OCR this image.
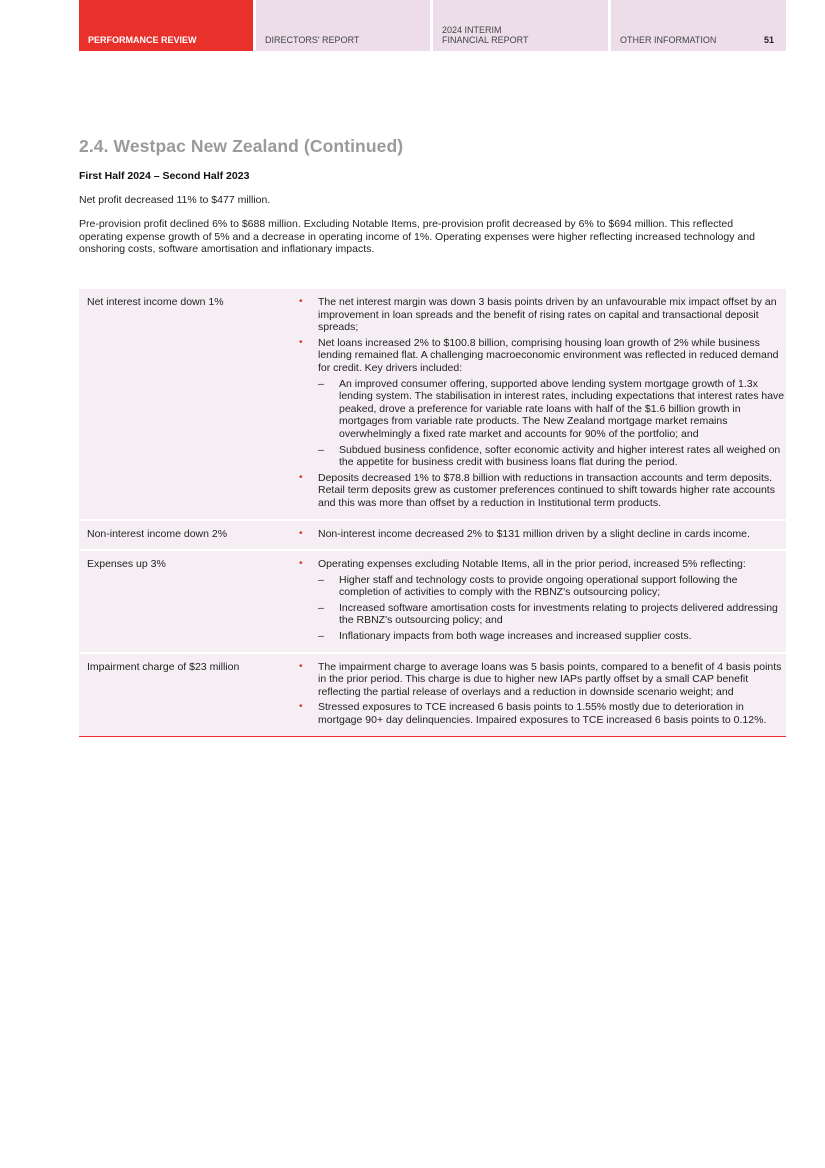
PERFORMANCE REVIEW	DIRECTORS' REPORT
2024 INTERIM
FINANCIAL REPORT	OTHER INFORMATION	51
2.4. Westpac New Zealand (Continued)

First Half 2024 – Second Half 2023

Net profit decreased 11% to $477 million.

Pre-provision profit declined 6% to $688 million. Excluding Notable Items, pre-provision profit decreased by 6% to $694 million. This reflected operating expense growth of 5% and a decrease in operating income of 1%. Operating expenses were higher reflecting increased technology and onshoring costs, software amortisation and inflationary impacts.

Net interest income down 1%	• The net interest margin was down 3 basis points driven by an unfavourable mix impact offset by an improvement in loan spreads and the benefit of rising rates on capital and transactional deposit spreads;
• Net loans increased 2% to $100.8 billion, comprising housing loan growth of 2% while business lending remained flat. A challenging macroeconomic environment was reflected in reduced demand for credit. Key drivers included:
– An improved consumer offering, supported above lending system mortgage growth of 1.3x lending system. The stabilisation in interest rates, including expectations that interest rates have peaked, drove a preference for variable rate loans with half of the $1.6 billion growth in mortgages from variable rate products. The New Zealand mortgage market remains overwhelmingly a fixed rate market and accounts for 90% of the portfolio; and
– Subdued business confidence, softer economic activity and higher interest rates all weighed on the appetite for business credit with business loans flat during the period.
• Deposits decreased 1% to $78.8 billion with reductions in transaction accounts and term deposits. Retail term deposits grew as customer preferences continued to shift towards higher rate accounts and this was more than offset by a reduction in Institutional term products.
Non-interest income down 2%	• Non-interest income decreased 2% to $131 million driven by a slight decline in cards income.
Expenses up 3%	• Operating expenses excluding Notable Items, all in the prior period, increased 5% reflecting:
– Higher staff and technology costs to provide ongoing operational support following the completion of activities to comply with the RBNZ's outsourcing policy;
– Increased software amortisation costs for investments relating to projects delivered addressing the RBNZ's outsourcing policy; and
– Inflationary impacts from both wage increases and increased supplier costs.
Impairment charge of $23 million	• The impairment charge to average loans was 5 basis points, compared to a benefit of 4 basis points in the prior period. This charge is due to higher new IAPs partly offset by a small CAP benefit reflecting the partial release of overlays and a reduction in downside scenario weight; and
• Stressed exposures to TCE increased 6 basis points to 1.55% mostly due to deterioration in mortgage 90+ day delinquencies. Impaired exposures to TCE increased 6 basis points to 0.12%.
